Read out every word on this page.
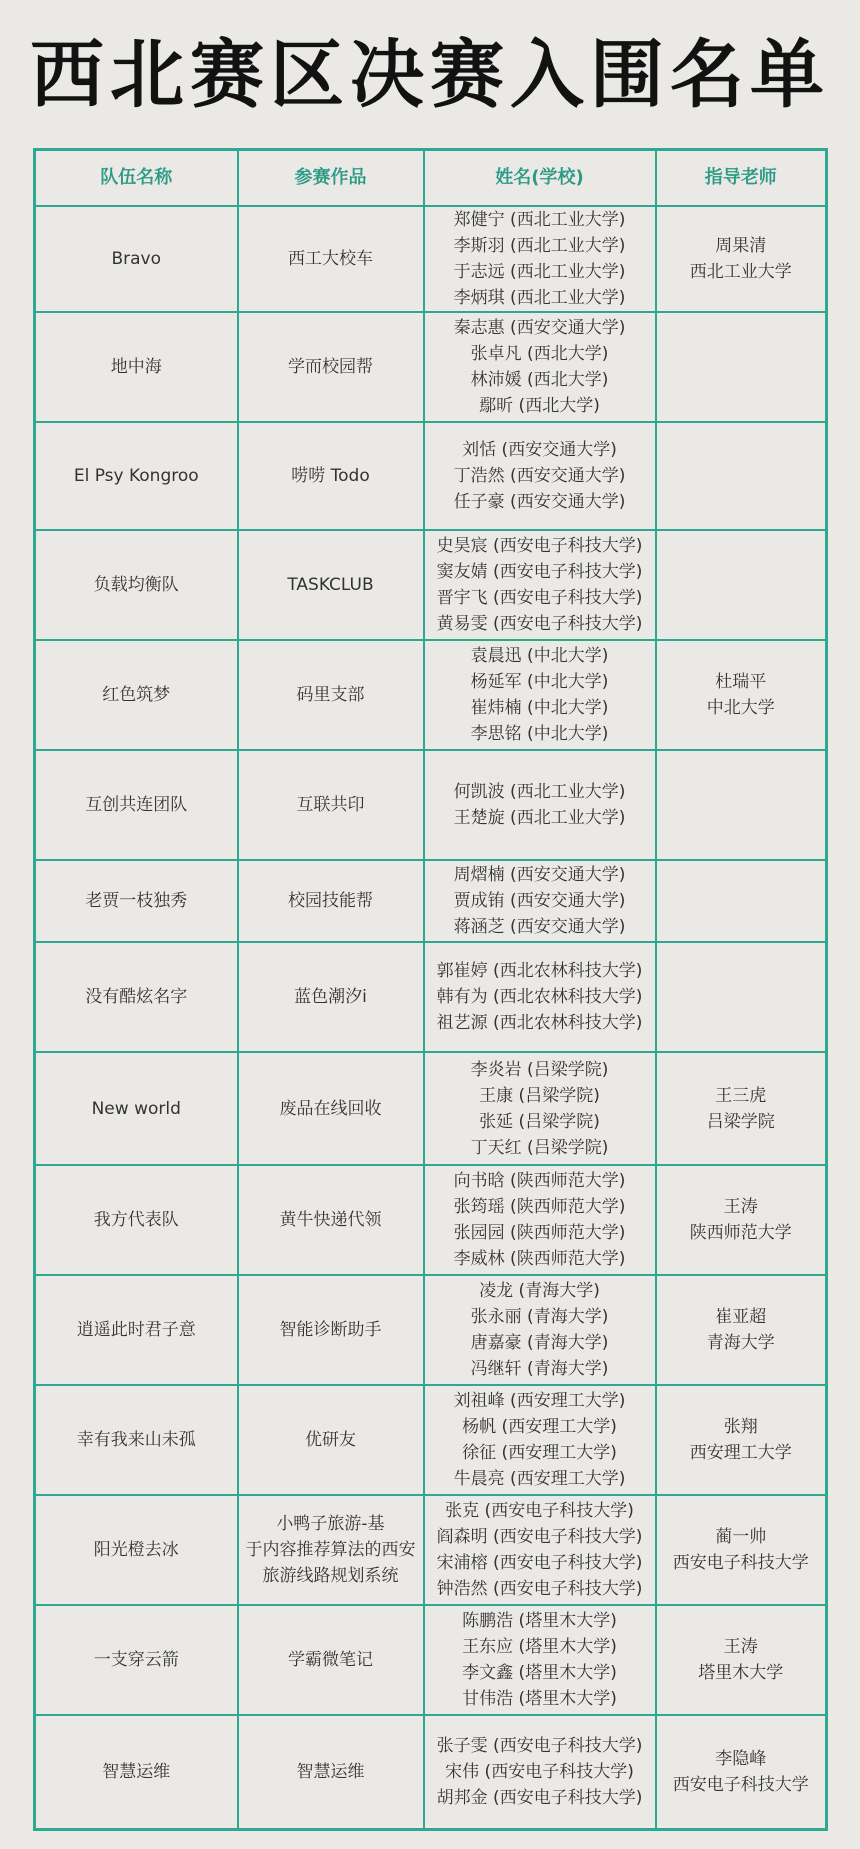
西北赛区决赛入围名单
队伍名称	参赛作品	姓名(学校)	指导老师

Bravo	西工大校车	郑健宁 (西北工业大学)
李斯羽 (西北工业大学)
于志远 (西北工业大学)
李炳琪 (西北工业大学)	周果清
西北工业大学

地中海	学而校园帮	秦志惠 (西安交通大学)
张卓凡 (西北大学)
林沛媛 (西北大学)
鄢昕 (西北大学)	

El Psy Kongroo	唠唠 Todo	刘恬 (西安交通大学)
丁浩然 (西安交通大学)
任子豪 (西安交通大学)	

负载均衡队	TASKCLUB	史昊宸 (西安电子科技大学)
窦友婧 (西安电子科技大学)
晋宇飞 (西安电子科技大学)
黄易雯 (西安电子科技大学)	

红色筑梦	码里支部	袁晨迅 (中北大学)
杨延军 (中北大学)
崔炜楠 (中北大学)
李思铭 (中北大学)	杜瑞平
中北大学

互创共连团队	互联共印	何凯波 (西北工业大学)
王楚旋 (西北工业大学)	

老贾一枝独秀	校园技能帮	周熠楠 (西安交通大学)
贾成铕 (西安交通大学)
蒋涵芝 (西安交通大学)	

没有酷炫名字	蓝色潮汐i	郭崔婷 (西北农林科技大学)
韩有为 (西北农林科技大学)
祖艺源 (西北农林科技大学)	

New world	废品在线回收	李炎岩 (吕梁学院)
王康 (吕梁学院)
张延 (吕梁学院)
丁天红 (吕梁学院)	王三虎
吕梁学院

我方代表队	黄牛快递代领	向书晗 (陕西师范大学)
张筠瑶 (陕西师范大学)
张园园 (陕西师范大学)
李威林 (陕西师范大学)	王涛
陕西师范大学

逍遥此时君子意	智能诊断助手	凌龙 (青海大学)
张永丽 (青海大学)
唐嘉豪 (青海大学)
冯继轩 (青海大学)	崔亚超
青海大学

幸有我来山未孤	优研友	刘祖峰 (西安理工大学)
杨帆 (西安理工大学)
徐征 (西安理工大学)
牛晨亮 (西安理工大学)	张翔
西安理工大学

阳光橙去冰	小鸭子旅游-基
于内容推荐算法的西安
旅游线路规划系统	张克 (西安电子科技大学)
阎森明 (西安电子科技大学)
宋浦榕 (西安电子科技大学)
钟浩然 (西安电子科技大学)	蔺一帅
西安电子科技大学

一支穿云箭	学霸微笔记	陈鹏浩 (塔里木大学)
王东应 (塔里木大学)
李文鑫 (塔里木大学)
甘伟浩 (塔里木大学)	王涛
塔里木大学

智慧运维	智慧运维	张子雯 (西安电子科技大学)
宋伟 (西安电子科技大学)
胡邦金 (西安电子科技大学)	李隐峰
西安电子科技大学
